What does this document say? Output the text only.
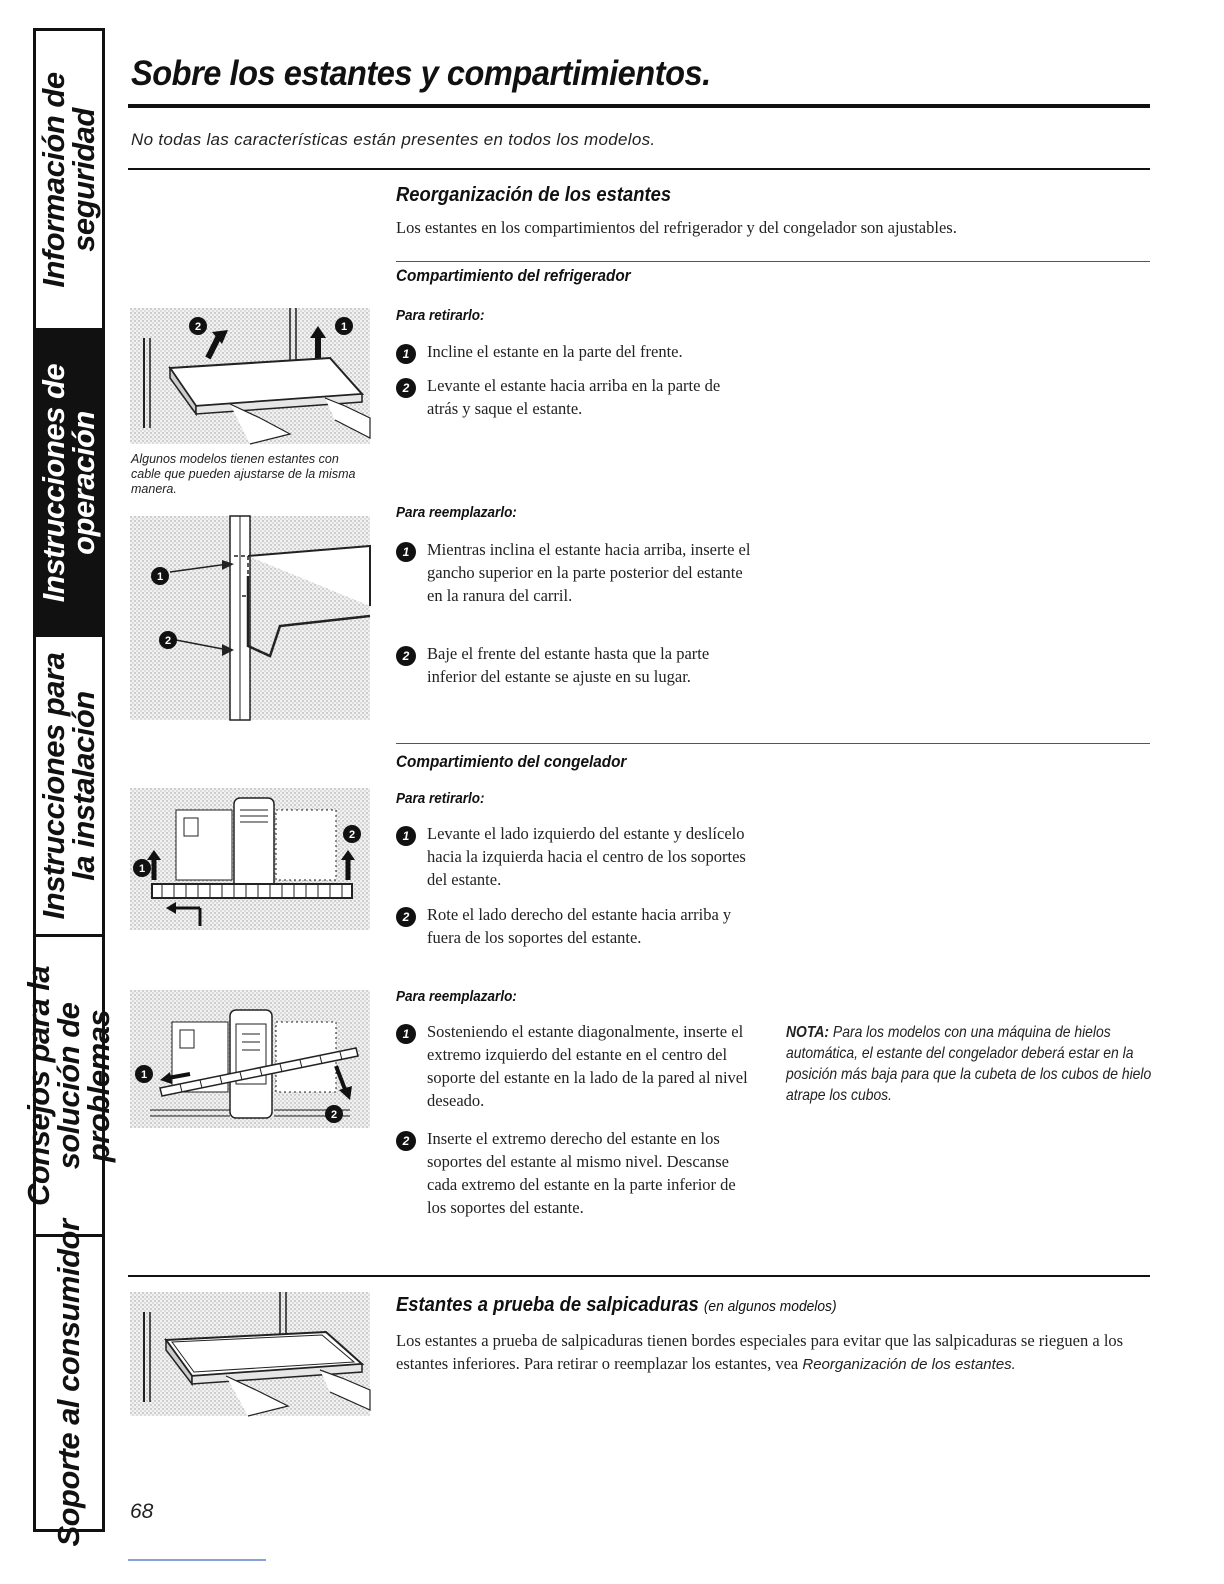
Información de seguridad
Instrucciones de operación
Instrucciones para la instalación
Consejos para la solución de problemas
Soporte al consumidor
Sobre los estantes y compartimientos.
No todas las características están presentes en todos los modelos.
Reorganización de los estantes
Los estantes en los compartimientos del refrigerador y del congelador son ajustables.
Compartimiento del refrigerador
Para retirarlo:
1	Incline el estante en la parte del frente.
2	Levante el estante hacia arriba en la parte de atrás y saque el estante.
Para reemplazarlo:
1	Mientras inclina el estante hacia arriba, inserte el gancho superior en la parte posterior del estante en la ranura del carril.
2	Baje el frente del estante hasta que la parte inferior del estante se ajuste en su lugar.
Compartimiento del congelador
Para retirarlo:
1	Levante el lado izquierdo del estante y deslícelo hacia la izquierda hacia el centro de los soportes del estante.
2	Rote el lado derecho del estante hacia arriba y fuera de los soportes del estante.
Para reemplazarlo:
1	Sosteniendo el estante diagonalmente, inserte el extremo izquierdo del estante en el centro del soporte del estante en la lado de la pared al nivel deseado.
2	Inserte el extremo derecho del estante en los soportes del estante al mismo nivel. Descanse cada extremo del estante en la parte inferior de los soportes del estante.
NOTA: Para los modelos con una máquina de hielos automática, el estante del congelador deberá estar en la posición más baja para que la cubeta de los cubos de hielo atrape los cubos.
Estantes a prueba de salpicaduras (en algunos modelos)
Los estantes a prueba de salpicaduras tienen bordes especiales para evitar que las salpicaduras se rieguen a los estantes inferiores. Para retirar o reemplazar los estantes, vea Reorganización de los estantes.
2	1
Algunos modelos tienen estantes con cable que pueden ajustarse de la misma manera.
1
2
1
2
1
2
68
